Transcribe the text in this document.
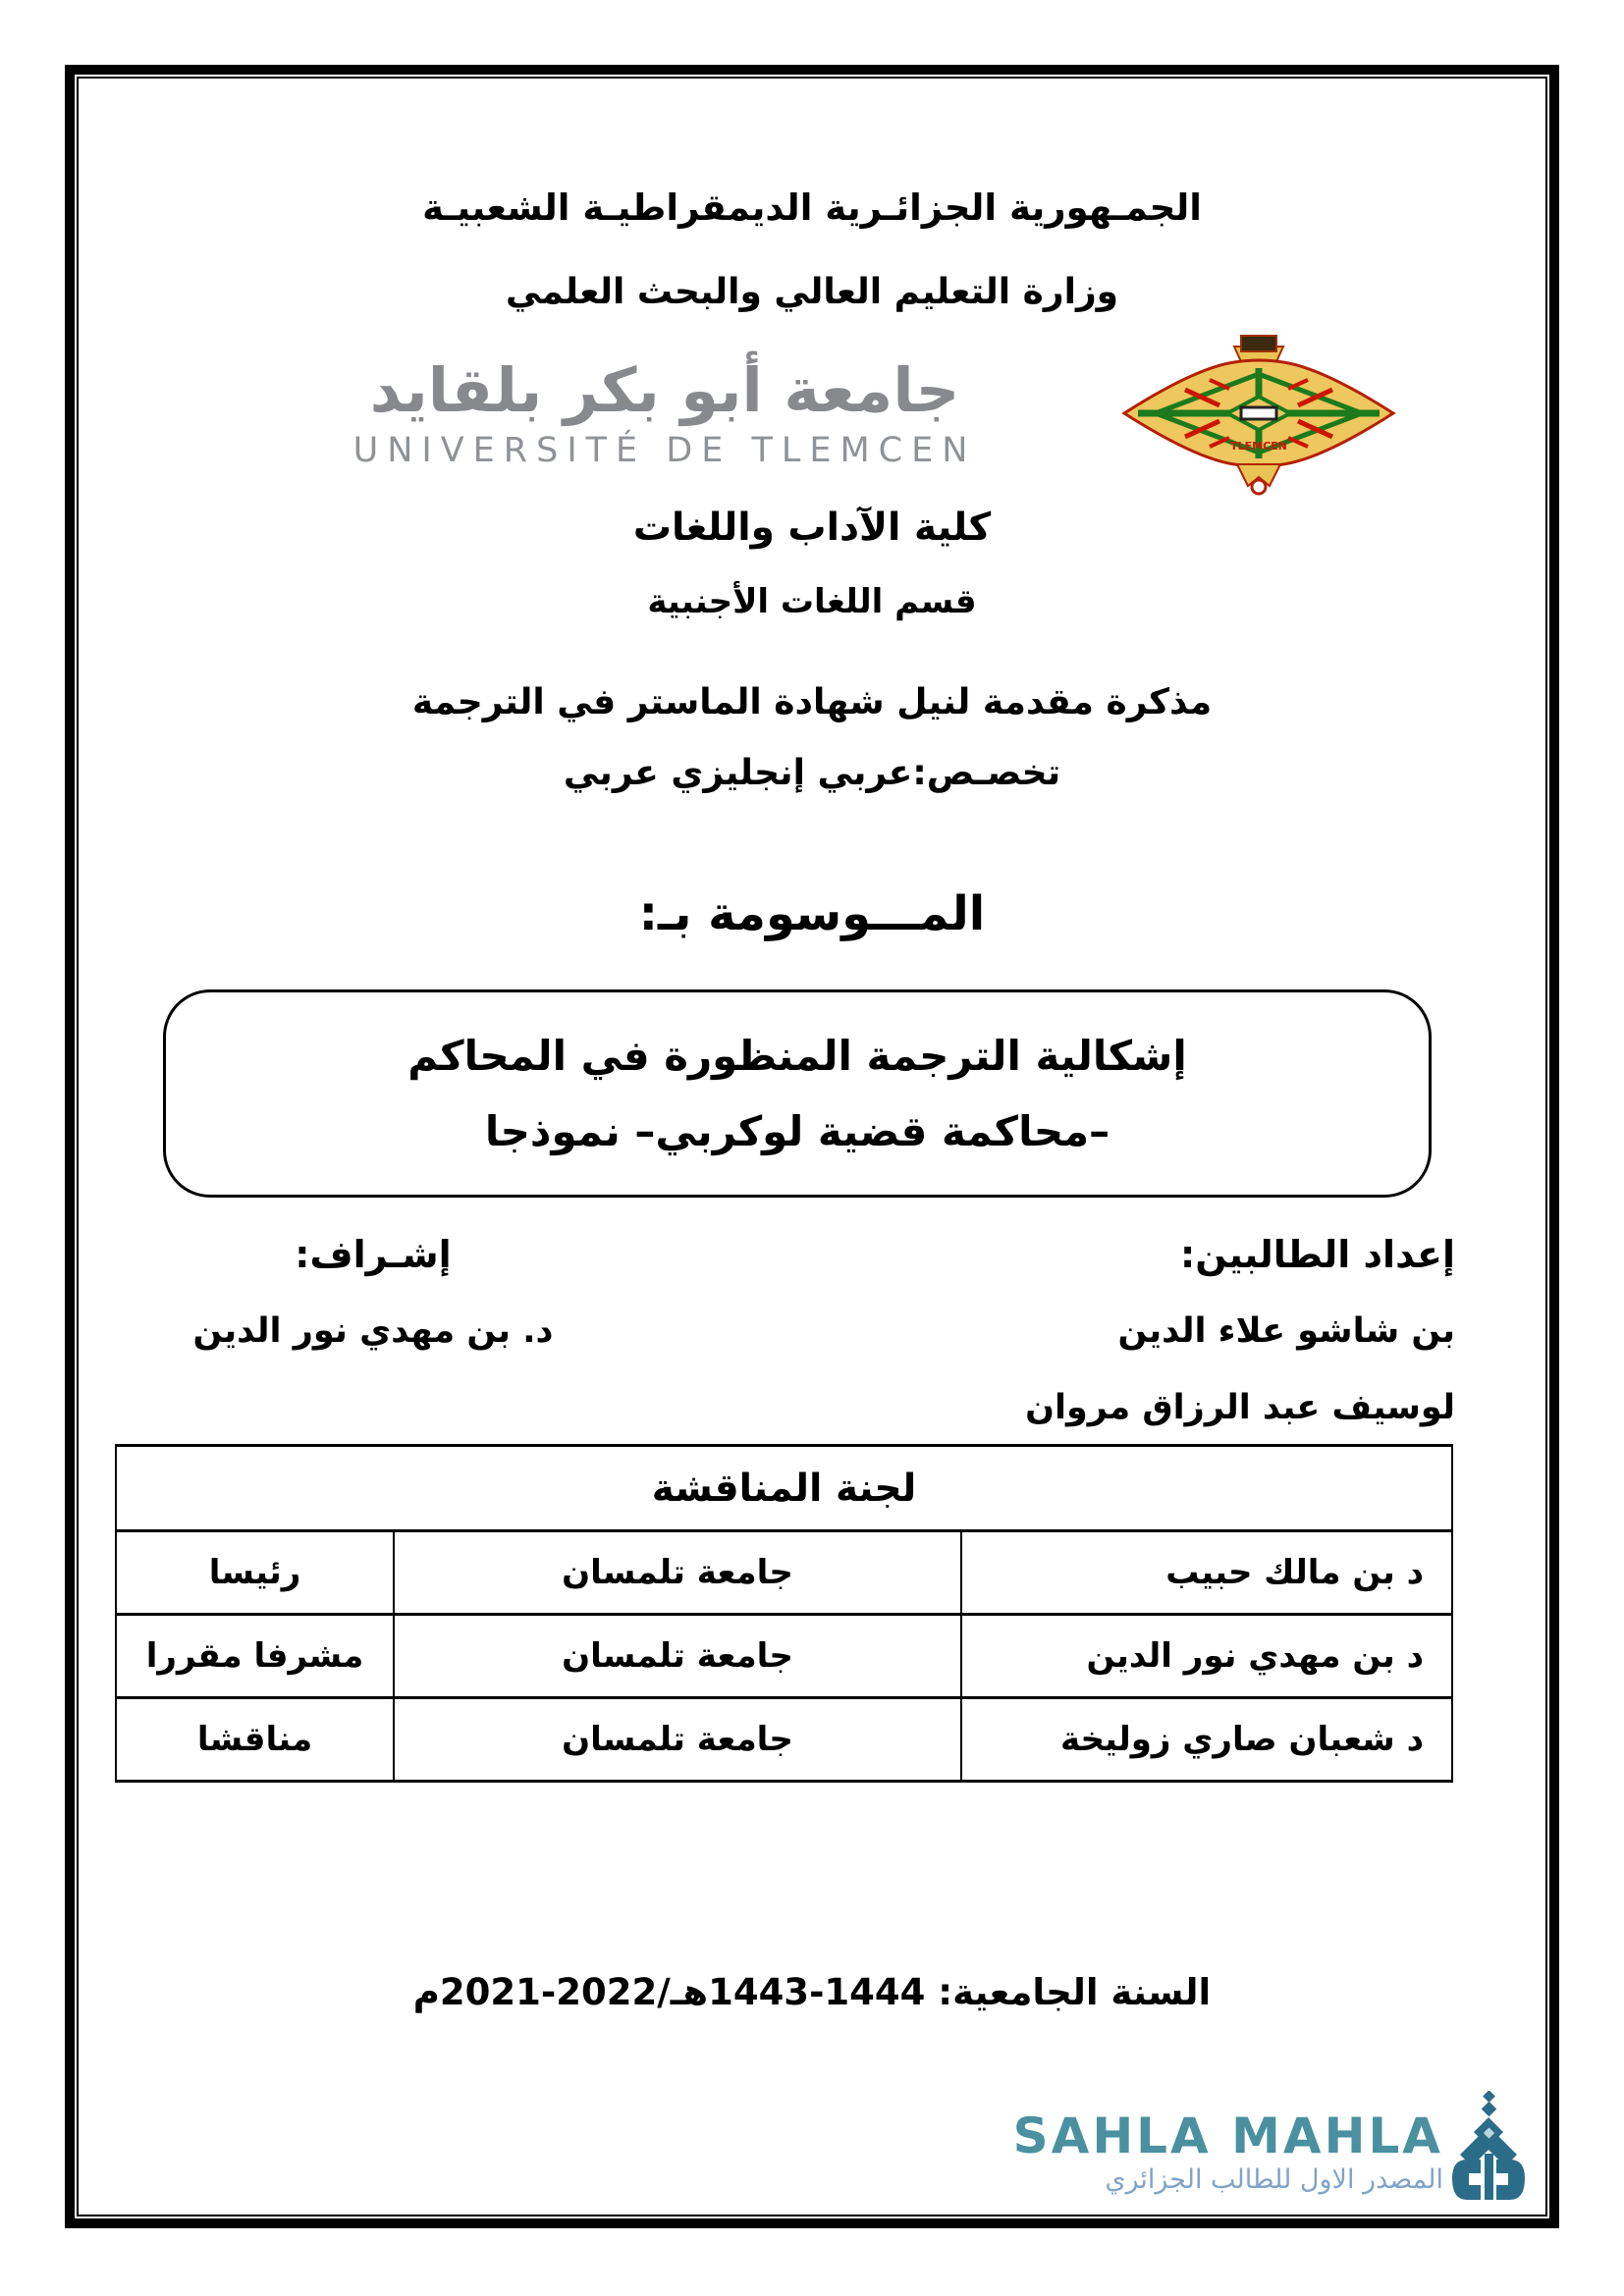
الجمـهورية الجزائـرية الديمقراطيـة الشعبيـة
وزارة التعليم العالي والبحث العلمي
جامعة أبو بكر بلقايد
UNIVERSITÉ DE TLEMCEN	TLEMCEN
كلية الآداب واللغات
قسم اللغات الأجنبية
مذكرة مقدمة لنيل شهادة الماستر في الترجمة
تخصـص:عربي إنجليزي عربي
المـــوسومة بـ:
إشكالية الترجمة المنظورة في المحاكم
–محاكمة قضية لوكربي– نموذجا
إعداد الطالبين:
بن شاشو علاء الدين
لوسيف عبد الرزاق مروان
إشـراف:
د. بن مهدي نور الدين
لجنة المناقشة		
د بن مالك حبيب	جامعة تلمسان	رئيسا
د بن مهدي نور الدين	جامعة تلمسان	مشرفا مقررا
د شعبان صاري زوليخة	جامعة تلمسان	مناقشا
السنة الجامعية: 1444-1443هـ/2022-2021م
SAHLA MAHLA
المصدر الاول للطالب الجزائري
